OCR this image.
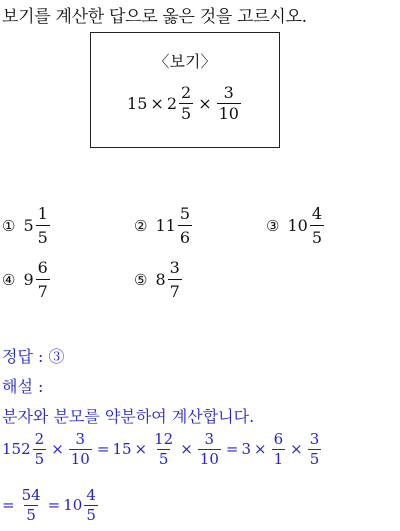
보기를 계산한 답으로 옳은 것을 고르시오.
〈보기〉
$15 \times 2 \frac{2}{5} \times \frac{3}{10}$
① $5 \frac{1}{5}$	② $11 \frac{5}{6}$	③ $10 \frac{4}{5}$
④ $9 \frac{6}{7}$	⑤ $8 \frac{3}{7}$
정답 : ③
해설 :
분자와 분모를 약분하여 계산합니다.
15 $2 \frac{2}{5} \times \frac{3}{10} = 15 \times \frac{12}{5} \times \frac{3}{10} = 3 \times \frac{6}{1} \times \frac{3}{5}$
= $\frac{54}{5} = 10 \frac{4}{5}$
